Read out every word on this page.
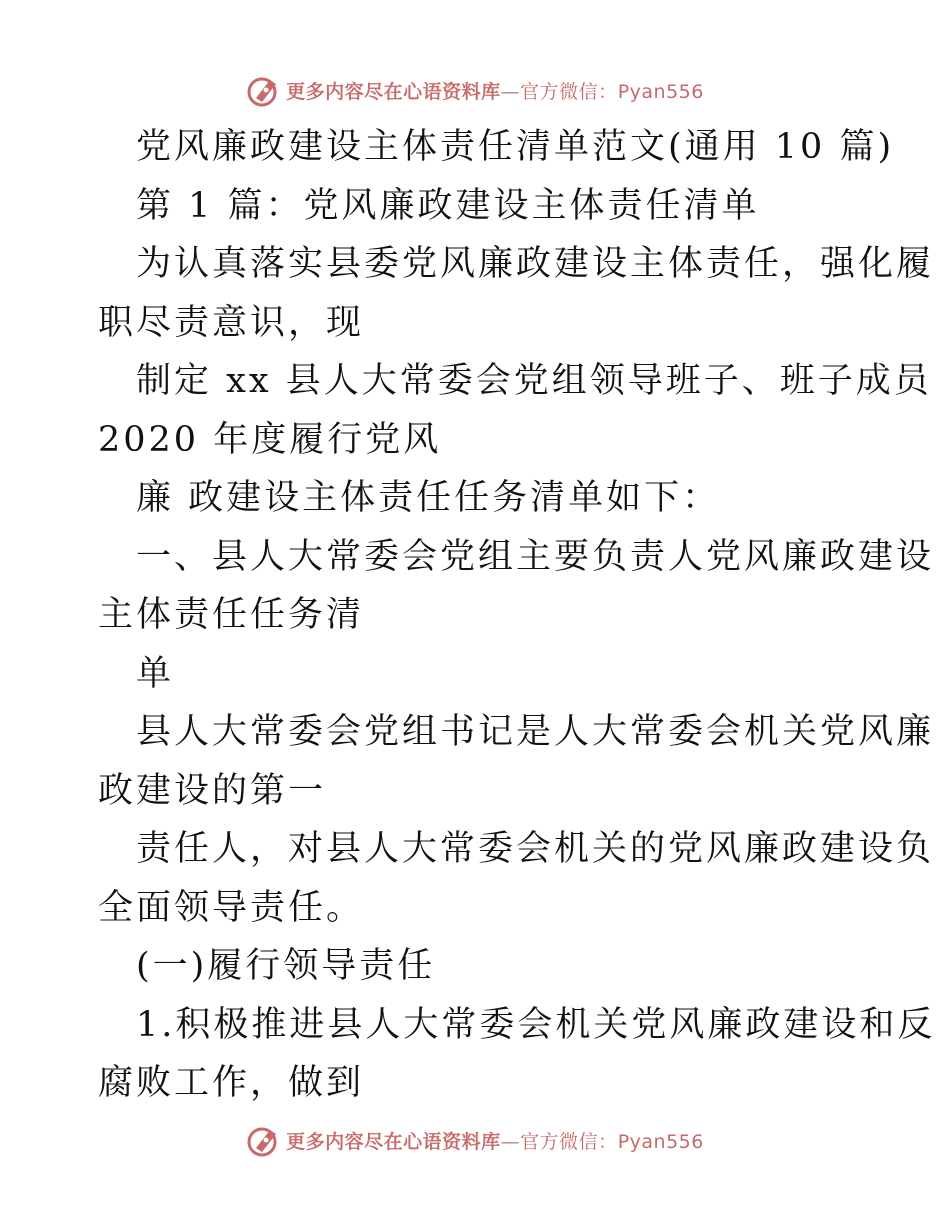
更多内容尽在心语资料库—官方微信：Pyan556
党风廉政建设主体责任清单范文(通用 10 篇)
第 1 篇：党风廉政建设主体责任清单
为认真落实县委党风廉政建设主体责任，强化履
职尽责意识，现
制定 xx 县人大常委会党组领导班子、班子成员
2020 年度履行党风
廉 政建设主体责任任务清单如下：
一、县人大常委会党组主要负责人党风廉政建设
主体责任任务清
单
县人大常委会党组书记是人大常委会机关党风廉
政建设的第一
责任人，对县人大常委会机关的党风廉政建设负
全面领导责任。
(一)履行领导责任
1.积极推进县人大常委会机关党风廉政建设和反
腐败工作，做到
更多内容尽在心语资料库—官方微信：Pyan556
